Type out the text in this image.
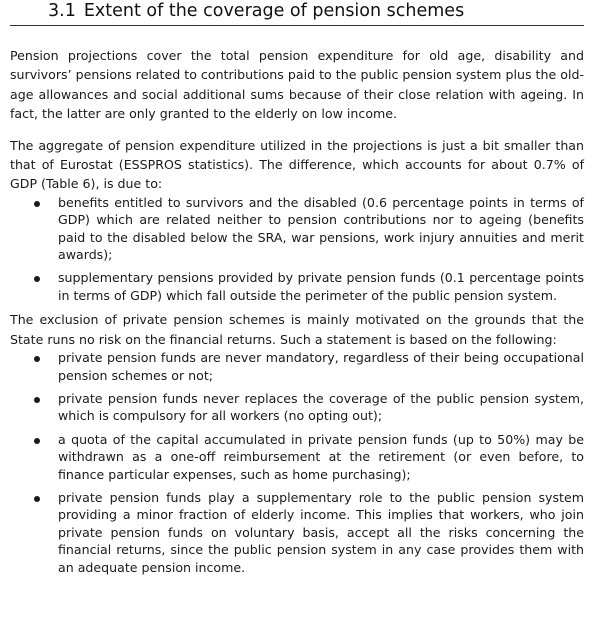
3.1 Extent of the coverage of pension schemes

Pension projections cover the total pension expenditure for old age, disability and survivors’ pensions related to contributions paid to the public pension system plus the old-age allowances and social additional sums because of their close relation with ageing. In fact, the latter are only granted to the elderly on low income.

The aggregate of pension expenditure utilized in the projections is just a bit smaller than that of Eurostat (ESSPROS statistics). The difference, which accounts for about 0.7% of GDP (Table 6), is due to:

benefits entitled to survivors and the disabled (0.6 percentage points in terms of GDP) which are related neither to pension contributions nor to ageing (benefits paid to the disabled below the SRA, war pensions, work injury annuities and merit awards);
supplementary pensions provided by private pension funds (0.1 percentage points in terms of GDP) which fall outside the perimeter of the public pension system.

The exclusion of private pension schemes is mainly motivated on the grounds that the State runs no risk on the financial returns. Such a statement is based on the following:

private pension funds are never mandatory, regardless of their being occupational pension schemes or not;
private pension funds never replaces the coverage of the public pension system, which is compulsory for all workers (no opting out);
a quota of the capital accumulated in private pension funds (up to 50%) may be withdrawn as a one-off reimbursement at the retirement (or even before, to finance particular expenses, such as home purchasing);
private pension funds play a supplementary role to the public pension system providing a minor fraction of elderly income. This implies that workers, who join private pension funds on voluntary basis, accept all the risks concerning the financial returns, since the public pension system in any case provides them with an adequate pension income.
